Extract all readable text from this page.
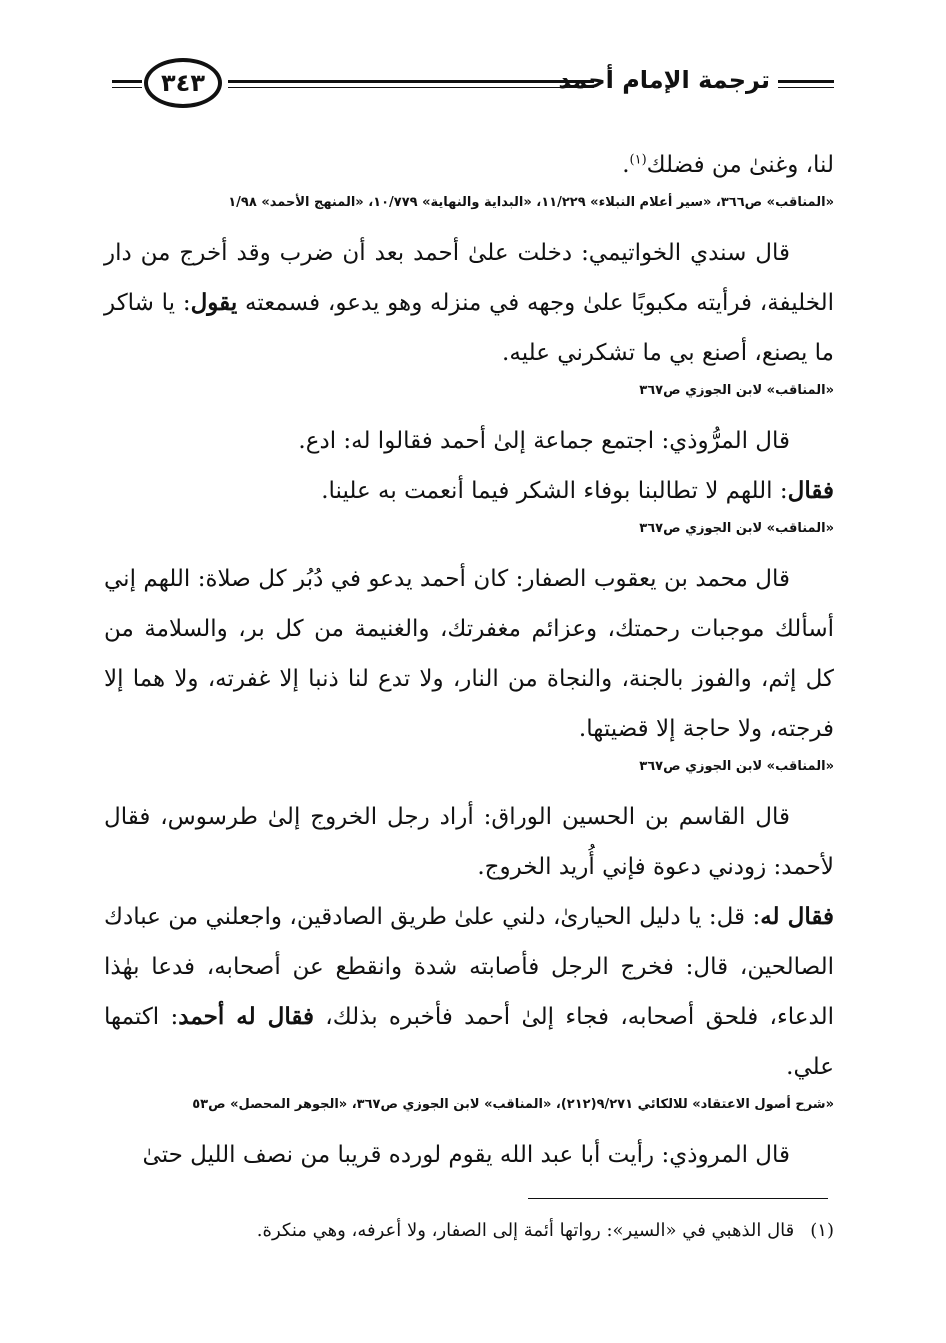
ترجمة الإمام أحمد
٣٤٣

لنا، وغنىٰ من فضلك$^{(١)}$.

«المناقب» ص٣٦٦، «سير أعلام النبلاء» ١١/٢٢٩، «البداية والنهاية» ١٠/٧٧٩، «المنهج الأحمد» ١/٩٨

قال سندي الخواتيمي: دخلت علىٰ أحمد بعد أن ضرب وقد أخرج من دار الخليفة، فرأيته مكبوبًا علىٰ وجهه في منزله وهو يدعو، فسمعته يقول: يا شاكر ما يصنع، أصنع بي ما تشكرني عليه.

«المناقب» لابن الجوزي ص٣٦٧

قال المرُّوذي: اجتمع جماعة إلىٰ أحمد فقالوا له: ادع.

فقال: اللهم لا تطالبنا بوفاء الشكر فيما أنعمت به علينا.

«المناقب» لابن الجوزي ص٣٦٧

قال محمد بن يعقوب الصفار: كان أحمد يدعو في دُبُر كل صلاة: اللهم إني أسألك موجبات رحمتك، وعزائم مغفرتك، والغنيمة من كل بر، والسلامة من كل إثم، والفوز بالجنة، والنجاة من النار، ولا تدع لنا ذنبا إلا غفرته، ولا هما إلا فرجته، ولا حاجة إلا قضيتها.

«المناقب» لابن الجوزي ص٣٦٧

قال القاسم بن الحسين الوراق: أراد رجل الخروج إلىٰ طرسوس، فقال لأحمد: زودني دعوة فإني أُريد الخروج.

فقال له: قل: يا دليل الحيارىٰ، دلني علىٰ طريق الصادقين، واجعلني من عبادك الصالحين، قال: فخرج الرجل فأصابته شدة وانقطع عن أصحابه، فدعا بهٰذا الدعاء، فلحق أصحابه، فجاء إلىٰ أحمد فأخبره بذلك، فقال له أحمد: اكتمها علي.

«شرح أصول الاعتقاد» للالكائي ٩/٢٧١(٢١٢)، «المناقب» لابن الجوزي ص٣٦٧، «الجوهر المحصل» ص٥٣

قال المروذي: رأيت أبا عبد الله يقوم لورده قريبا من نصف الليل حتىٰ

(١)قال الذهبي في «السير»: رواتها أئمة إلى الصفار، ولا أعرفه، وهي منكرة.
